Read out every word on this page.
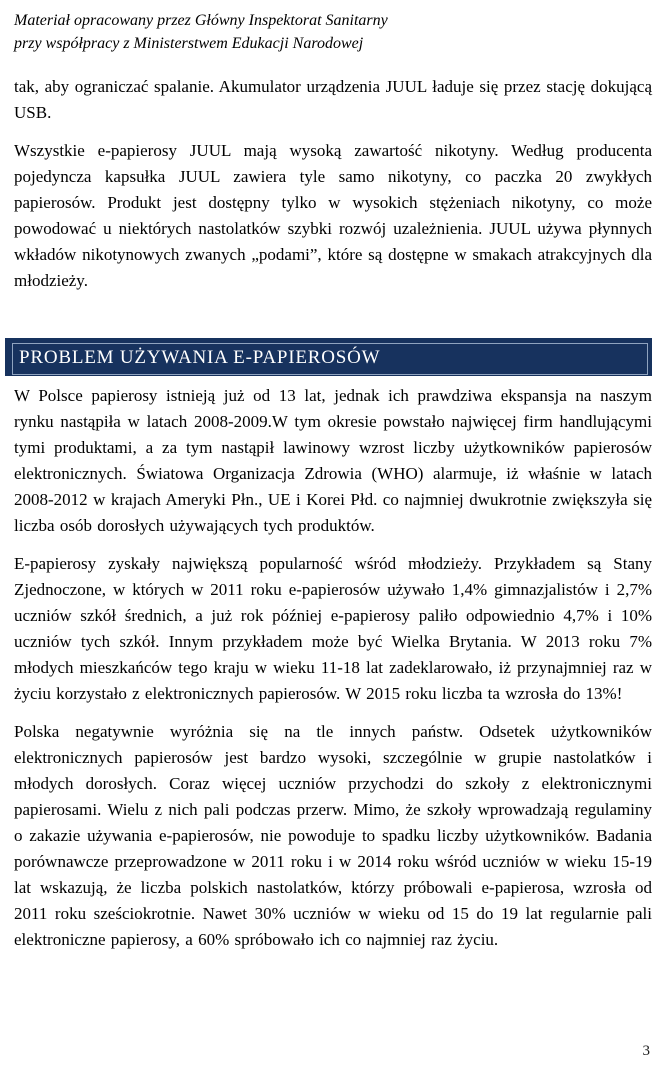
Materiał opracowany przez Główny Inspektorat Sanitarny
przy współpracy z Ministerstwem Edukacji Narodowej

tak, aby ograniczać spalanie. Akumulator urządzenia JUUL ładuje się przez stację dokującą USB.

Wszystkie e-papierosy JUUL mają wysoką zawartość nikotyny. Według producenta pojedyncza kapsułka JUUL zawiera tyle samo nikotyny, co paczka 20 zwykłych papierosów. Produkt jest dostępny tylko w wysokich stężeniach nikotyny, co może powodować u niektórych nastolatków szybki rozwój uzależnienia. JUUL używa płynnych wkładów nikotynowych zwanych „podami”, które są dostępne w smakach atrakcyjnych dla młodzieży.

PROBLEM UŻYWANIA E-PAPIEROSÓW

W Polsce papierosy istnieją już od 13 lat, jednak ich prawdziwa ekspansja na naszym rynku nastąpiła w latach 2008-2009.W tym okresie powstało najwięcej firm handlującymi tymi produktami, a za tym nastąpił lawinowy wzrost liczby użytkowników papierosów elektronicznych. Światowa Organizacja Zdrowia (WHO) alarmuje, iż właśnie w latach 2008-2012 w krajach Ameryki Płn., UE i Korei Płd. co najmniej dwukrotnie zwiększyła się liczba osób dorosłych używających tych produktów.

E-papierosy zyskały największą popularność wśród młodzieży. Przykładem są Stany Zjednoczone, w których w 2011 roku e-papierosów używało 1,4% gimnazjalistów i 2,7% uczniów szkół średnich, a już rok później e-papierosy paliło odpowiednio 4,7% i 10% uczniów tych szkół. Innym przykładem może być Wielka Brytania. W 2013 roku 7% młodych mieszkańców tego kraju w wieku 11-18 lat zadeklarowało, iż przynajmniej raz w życiu korzystało z elektronicznych papierosów. W 2015 roku liczba ta wzrosła do 13%!

Polska negatywnie wyróżnia się na tle innych państw. Odsetek użytkowników elektronicznych papierosów jest bardzo wysoki, szczególnie w grupie nastolatków i młodych dorosłych. Coraz więcej uczniów przychodzi do szkoły z elektronicznymi papierosami. Wielu z nich pali podczas przerw. Mimo, że szkoły wprowadzają regulaminy o zakazie używania e-papierosów, nie powoduje to spadku liczby użytkowników. Badania porównawcze przeprowadzone w 2011 roku i w 2014 roku wśród uczniów w wieku 15-19 lat wskazują, że liczba polskich nastolatków, którzy próbowali e-papierosa, wzrosła od 2011 roku sześciokrotnie. Nawet 30% uczniów w wieku od 15 do 19 lat regularnie pali elektroniczne papierosy, a 60% spróbowało ich co najmniej raz życiu.

3
